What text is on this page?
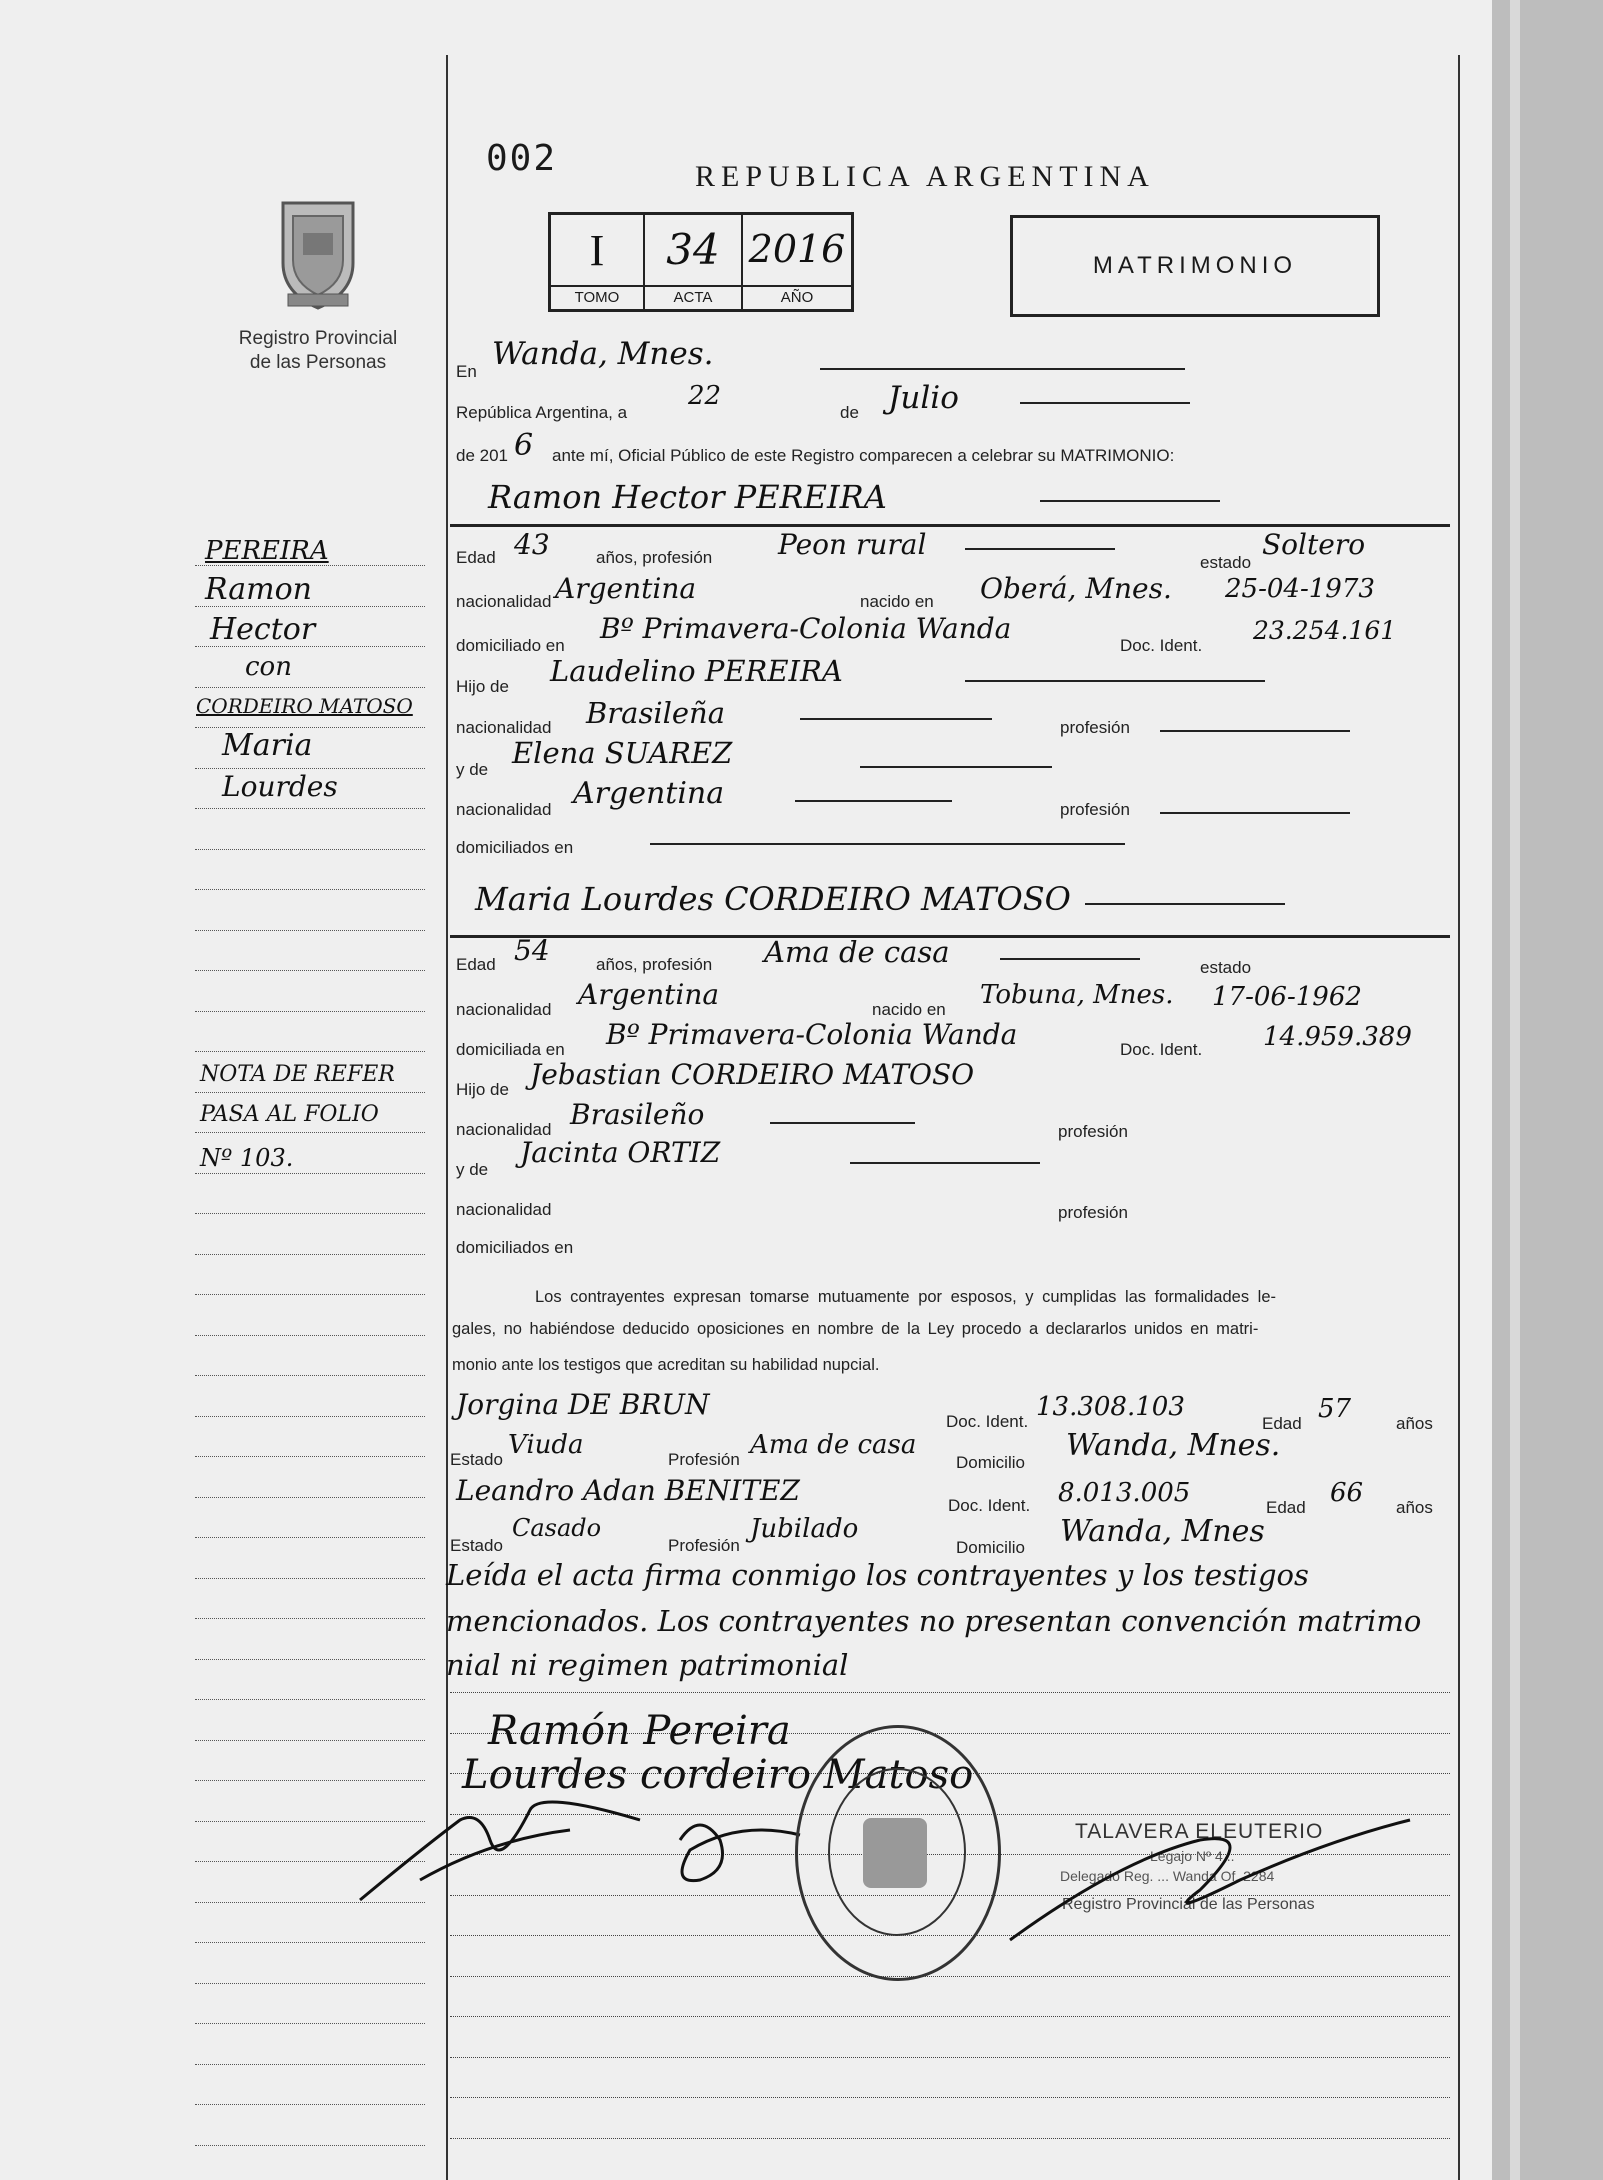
002	REPUBLICA ARGENTINA
Registro Provincial
de las Personas
I	34 2016
TOMO	ACTA	AÑO
MATRIMONIO
PEREIRA
Ramon
Hector
con
CORDEIRO MATOSO
Maria
Lourdes
NOTA DE REFER
PASA AL FOLIO
Nº 103.
En Wanda, Mnes.
República Argentina, a
22
de Julio
de 201 6 ante mí, Oficial Público de este Registro comparecen a celebrar su MATRIMONIO:
Ramon Hector PEREIRA
Edad 43	años, profesión Peon rural
estado
Soltero
nacionalidad Argentina	nacido en Oberá, Mnes. 25-04-1973
domiciliado en
Bº Primavera-Colonia Wanda
Doc. Ident.
23.254.161
Hijo de Laudelino PEREIRA
nacionalidad Brasileña	profesión
y de Elena SUAREZ
nacionalidad Argentina	profesión
domiciliados en
Maria Lourdes CORDEIRO MATOSO
Edad 54	años, profesión Ama de casa	estado
nacionalidad Argentina	nacido en Tobuna, Mnes. 17-06-1962
domiciliada en Bº Primavera-Colonia Wanda	Doc. Ident. 14.959.389
Hijo de Jebastian CORDEIRO MATOSO
nacionalidad Brasileño
profesión
y de
Jacinta ORTIZ
nacionalidad	profesión
domiciliados en
Los contrayentes expresan tomarse mutuamente por esposos, y cumplidas las formalidades le-
gales, no habiéndose deducido oposiciones en nombre de la Ley procedo a declararlos unidos en matri-
monio ante los testigos que acreditan su habilidad nupcial.
Jorgina DE BRUN
Doc. Ident. 13.308.103
Edad 57	años
Estado Viuda	Profesión Ama de casa
Domicilio Wanda, Mnes.
Leandro Adan BENITEZ	Doc. Ident. 8.013.005	Edad 66 años
Estado
Casado
Profesión
Jubilado
Domicilio Wanda, Mnes
Leída el acta firma conmigo los contrayentes y los testigos
mencionados. Los contrayentes no presentan convención matrimo
nial ni regimen patrimonial
Ramón Pereira
Lourdes cordeiro Matoso
TALAVERA ELEUTERIO
Legajo Nº 4...
Delegado Reg. ... Wanda Of. 2284
Registro Provincial de las Personas
